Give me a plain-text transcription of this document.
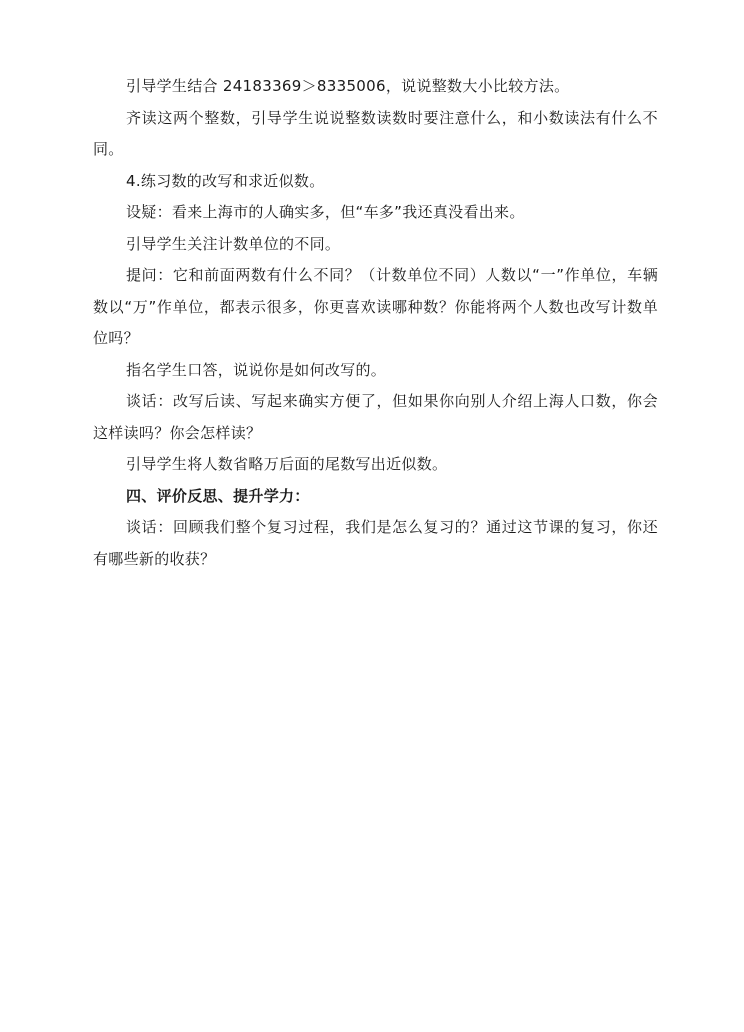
引导学生结合 24183369＞8335006，说说整数大小比较方法。

齐读这两个整数，引导学生说说整数读数时要注意什么，和小数读法有什么不同。

4.练习数的改写和求近似数。

设疑：看来上海市的人确实多，但“车多”我还真没看出来。

引导学生关注计数单位的不同。

提问：它和前面两数有什么不同？（计数单位不同）人数以“一”作单位，车辆数以“万”作单位，都表示很多，你更喜欢读哪种数？你能将两个人数也改写计数单位吗？

指名学生口答，说说你是如何改写的。

谈话：改写后读、写起来确实方便了，但如果你向别人介绍上海人口数，你会这样读吗？你会怎样读？

引导学生将人数省略万后面的尾数写出近似数。

四、评价反思、提升学力：

谈话：回顾我们整个复习过程，我们是怎么复习的？通过这节课的复习，你还有哪些新的收获？
